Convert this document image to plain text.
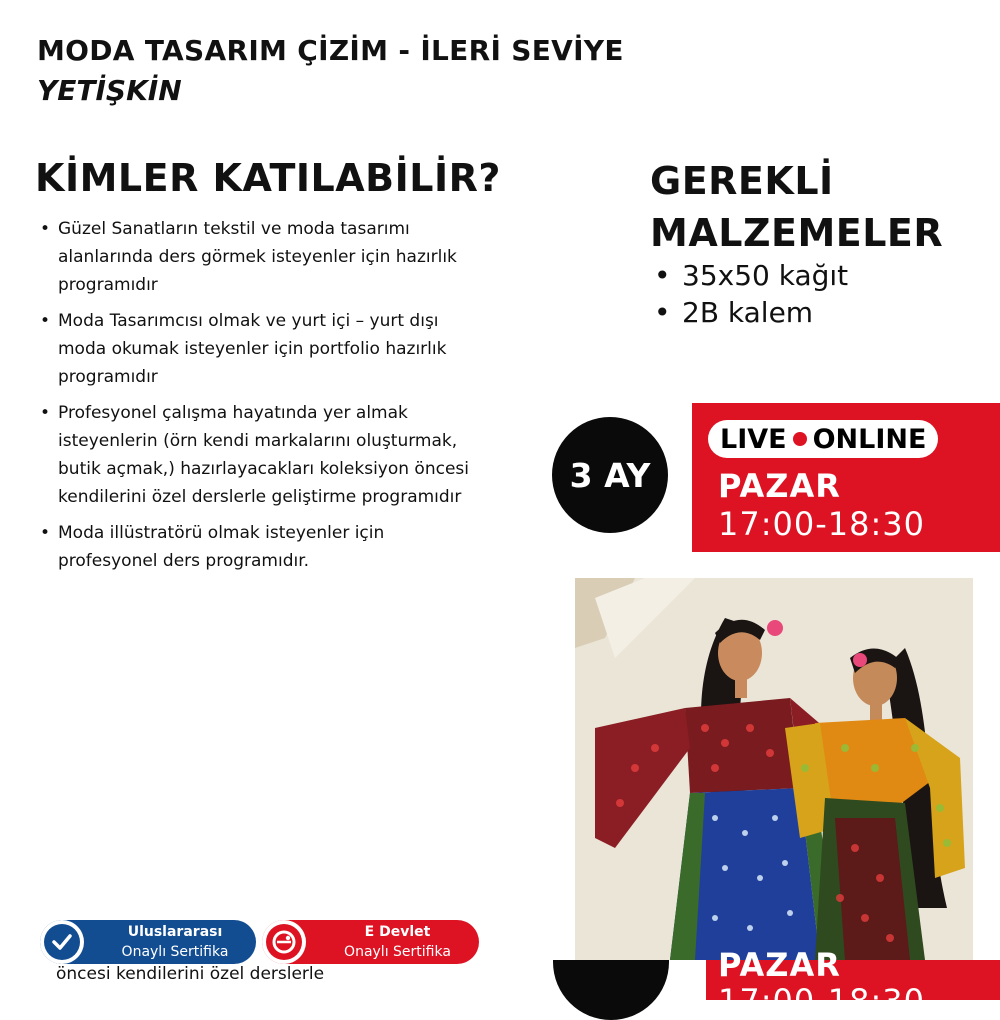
MODA TASARIM ÇİZİM - İLERİ SEVİYE
YETİŞKİN
KİMLER KATILABİLİR?
• Güzel Sanatların tekstil ve moda tasarımı alanlarında ders görmek isteyenler için hazırlık programıdır
• Moda Tasarımcısı olmak ve yurt içi – yurt dışı moda okumak isteyenler için portfolio hazırlık programıdır
• Profesyonel çalışma hayatında yer almak isteyenlerin (örn kendi markalarını oluşturmak, butik açmak,) hazırlayacakları koleksiyon öncesi kendilerini özel derslerle geliştirme programıdır
• Moda illüstratörü olmak isteyenler için profesyonel ders programıdır.
GEREKLİ
MALZEMELER
• 35x50 kağıt
• 2B kalem
3 AY
LIVE ONLINE
PAZAR
17:00-18:30
Uluslararası
Onaylı Sertifika
E Devlet
Onaylı Sertifika
öncesi kendilerini özel derslerle	PAZAR
17:00-18:30
